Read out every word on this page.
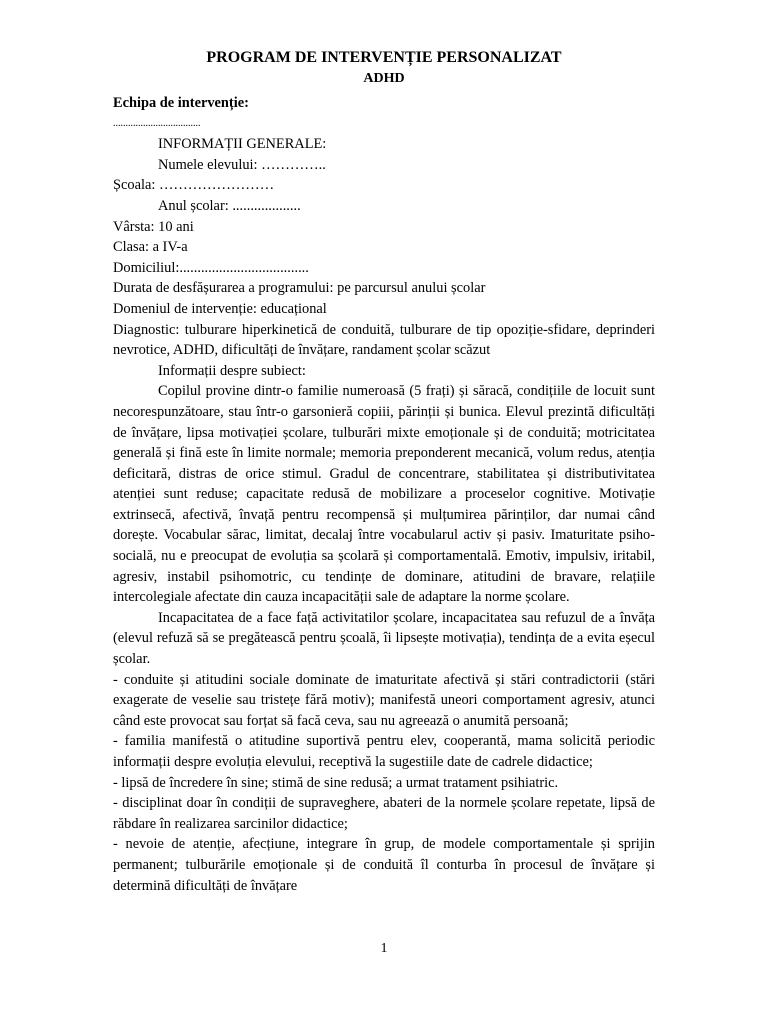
PROGRAM DE INTERVENȚIE PERSONALIZAT
ADHD
Echipa de intervenție:
...................................
INFORMAȚII GENERALE:
Numele elevului: …………..
Școala: ……………………
Anul școlar: ...................
Vârsta: 10 ani
Clasa: a IV-a
Domiciliul:....................................
Durata de desfășurarea a programului: pe parcursul anului școlar
Domeniul de intervenție: educațional

Diagnostic: tulburare hiperkinetică de conduită, tulburare de tip opoziție-sfidare, deprinderi nevrotice, ADHD, dificultăți de învățare, randament școlar scăzut

Informații despre subiect:

Copilul provine dintr-o familie numeroasă (5 frați) și săracă, condițiile de locuit sunt necorespunzătoare, stau într-o garsonieră copiii, părinții și bunica. Elevul prezintă dificultăți de învățare, lipsa motivației școlare, tulburări mixte emoționale și de conduită; motricitatea generală și fină este în limite normale; memoria preponderent mecanică, volum redus, atenția deficitară, distras de orice stimul. Gradul de concentrare, stabilitatea și distributivitatea atenției sunt reduse; capacitate redusă de mobilizare a proceselor cognitive. Motivație extrinsecă, afectivă, învață pentru recompensă și mulțumirea părinților, dar numai când dorește. Vocabular sărac, limitat, decalaj între vocabularul activ și pasiv. Imaturitate psiho-socială, nu e preocupat de evoluția sa școlară și comportamentală. Emotiv, impulsiv, iritabil, agresiv, instabil psihomotric, cu tendințe de dominare, atitudini de bravare, relațiile intercolegiale afectate din cauza incapacității sale de adaptare la norme școlare.

Incapacitatea de a face față activitatilor școlare, incapacitatea sau refuzul de a învăța (elevul refuză să se pregătească pentru școală, îi lipsește motivația), tendința de a evita eșecul școlar.

- conduite și atitudini sociale dominate de imaturitate afectivă și stări contradictorii (stări exagerate de veselie sau tristețe fără motiv); manifestă uneori comportament agresiv, atunci când este provocat sau forțat să facă ceva, sau nu agreează o anumită persoană;

- familia manifestă o atitudine suportivă pentru elev, cooperantă, mama solicită periodic informații despre evoluția elevului, receptivă la sugestiile date de cadrele didactice;

- lipsă de încredere în sine; stimă de sine redusă; a urmat tratament psihiatric.

- disciplinat doar în condiții de supraveghere, abateri de la normele școlare repetate, lipsă de răbdare în realizarea sarcinilor didactice;

- nevoie de atenție, afecțiune, integrare în grup, de modele comportamentale și sprijin permanent; tulburările emoționale și de conduită îl conturba în procesul de învățare și determină dificultăți de învățare

1
